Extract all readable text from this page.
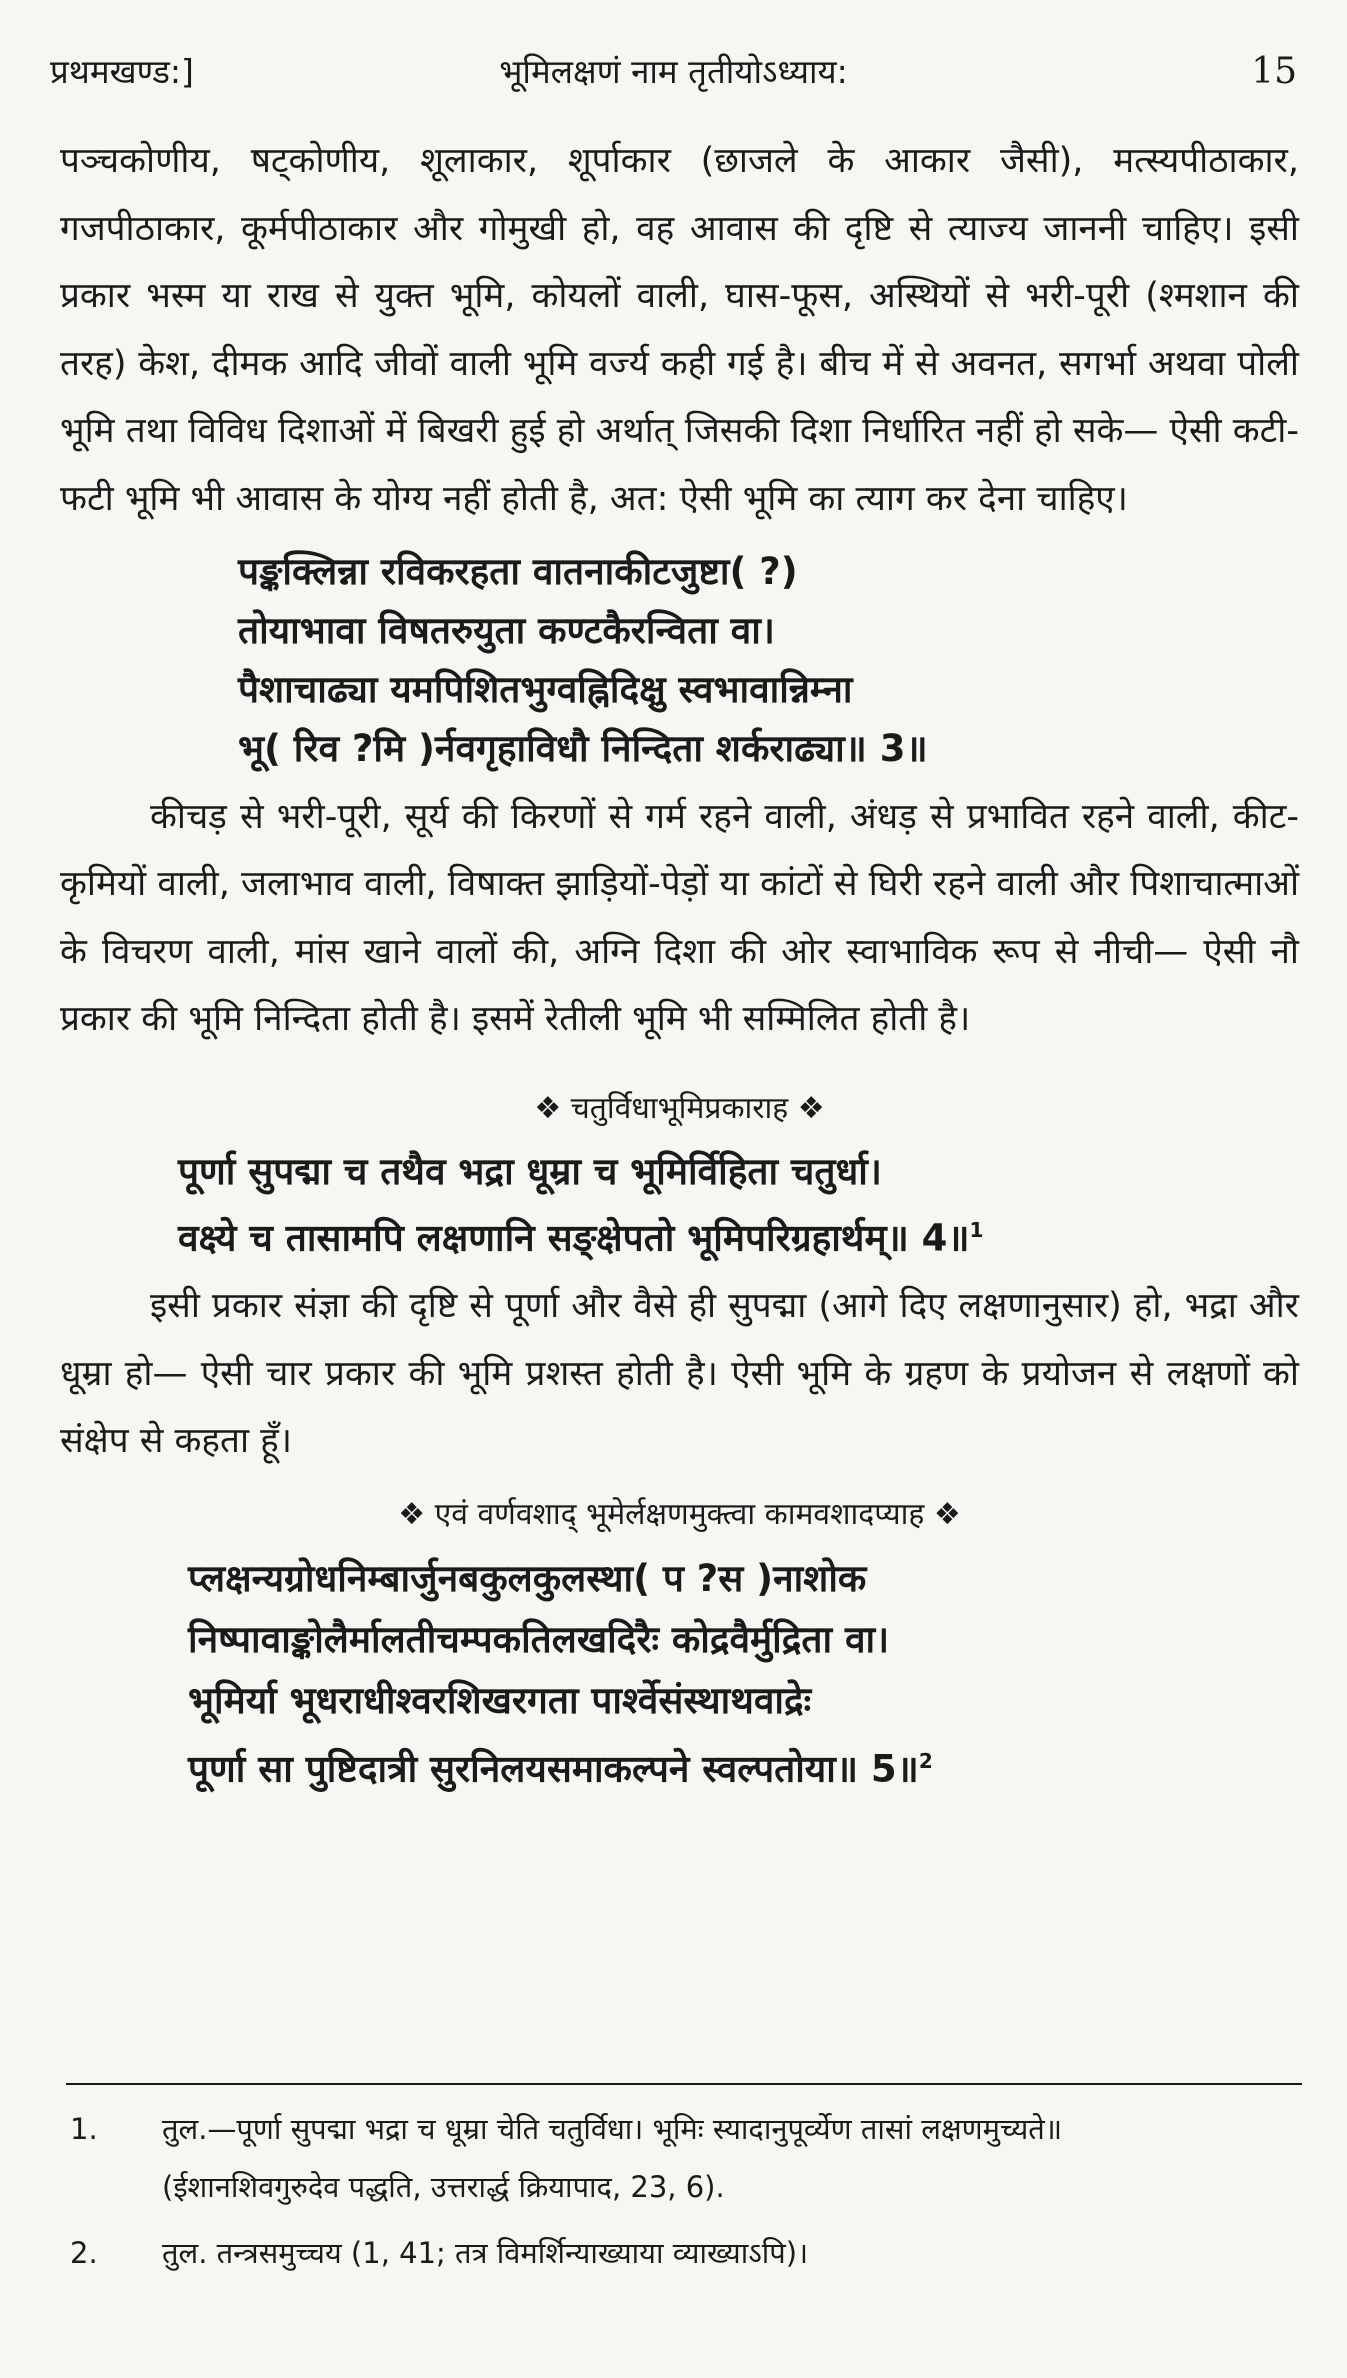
प्रथमखण्ड:]	भूमिलक्षणं नाम तृतीयोऽध्याय:	15

पञ्चकोणीय, षट्कोणीय, शूलाकार, शूर्पाकार (छाजले के आकार जैसी), मत्स्यपीठाकार, गजपीठाकार, कूर्मपीठाकार और गोमुखी हो, वह आवास की दृष्टि से त्याज्य जाननी चाहिए। इसी प्रकार भस्म या राख से युक्त भूमि, कोयलों वाली, घास-फूस, अस्थियों से भरी-पूरी (श्मशान की तरह) केश, दीमक आदि जीवों वाली भूमि वर्ज्य कही गई है। बीच में से अवनत, सगर्भा अथवा पोली भूमि तथा विविध दिशाओं में बिखरी हुई हो अर्थात् जिसकी दिशा निर्धारित नहीं हो सके— ऐसी कटी-फटी भूमि भी आवास के योग्य नहीं होती है, अत: ऐसी भूमि का त्याग कर देना चाहिए।

पङ्कक्लिन्ना रविकरहता वातनाकीटजुष्टा( ?)
तोयाभावा विषतरुयुता कण्टकैरन्विता वा।
पैशाचाढ्या यमपिशितभुग्वह्निदिक्षु स्वभावान्निम्ना
भू( रिव ?मि )र्नवगृहाविधौ निन्दिता शर्कराढ्या॥ 3॥

कीचड़ से भरी-पूरी, सूर्य की किरणों से गर्म रहने वाली, अंधड़ से प्रभावित रहने वाली, कीट-कृमियों वाली, जलाभाव वाली, विषाक्त झाड़ियों-पेड़ों या कांटों से घिरी रहने वाली और पिशाचात्माओं के विचरण वाली, मांस खाने वालों की, अग्नि दिशा की ओर स्वाभाविक रूप से नीची— ऐसी नौ प्रकार की भूमि निन्दिता होती है। इसमें रेतीली भूमि भी सम्मिलित होती है।

❖ चतुर्विधाभूमिप्रकाराह ❖
पूर्णा सुपद्मा च तथैव भद्रा धूम्रा च भूमिर्विहिता चतुर्धा।
वक्ष्ये च तासामपि लक्षणानि सङ्क्षेपतो भूमिपरिग्रहार्थम्॥ 4॥$^1$

इसी प्रकार संज्ञा की दृष्टि से पूर्णा और वैसे ही सुपद्मा (आगे दिए लक्षणानुसार) हो, भद्रा और धूम्रा हो— ऐसी चार प्रकार की भूमि प्रशस्त होती है। ऐसी भूमि के ग्रहण के प्रयोजन से लक्षणों को संक्षेप से कहता हूँ।

❖ एवं वर्णवशाद् भूमेर्लक्षणमुक्त्वा कामवशादप्याह ❖
प्लक्षन्यग्रोधनिम्बार्जुनबकुलकुलस्था( प ?स )नाशोक
निष्पावाङ्कोलैर्मालतीचम्पकतिलखदिरैः कोद्रवैर्मुद्रिता वा।
भूमिर्या भूधराधीश्वरशिखरगता पार्श्वेसंस्थाथवाद्रेः
पूर्णा सा पुष्टिदात्री सुरनिलयसमाकल्पने स्वल्पतोया॥ 5॥$^2$
1. तुल.—पूर्णा सुपद्मा भद्रा च धूम्रा चेति चतुर्विधा। भूमिः स्यादानुपूर्व्येण तासां लक्षणमुच्यते॥
(ईशानशिवगुरुदेव पद्धति, उत्तरार्द्ध क्रियापाद, 23, 6).
2. तुल. तन्त्रसमुच्चय (1, 41; तत्र विमर्शिन्याख्याया व्याख्याऽपि)।
